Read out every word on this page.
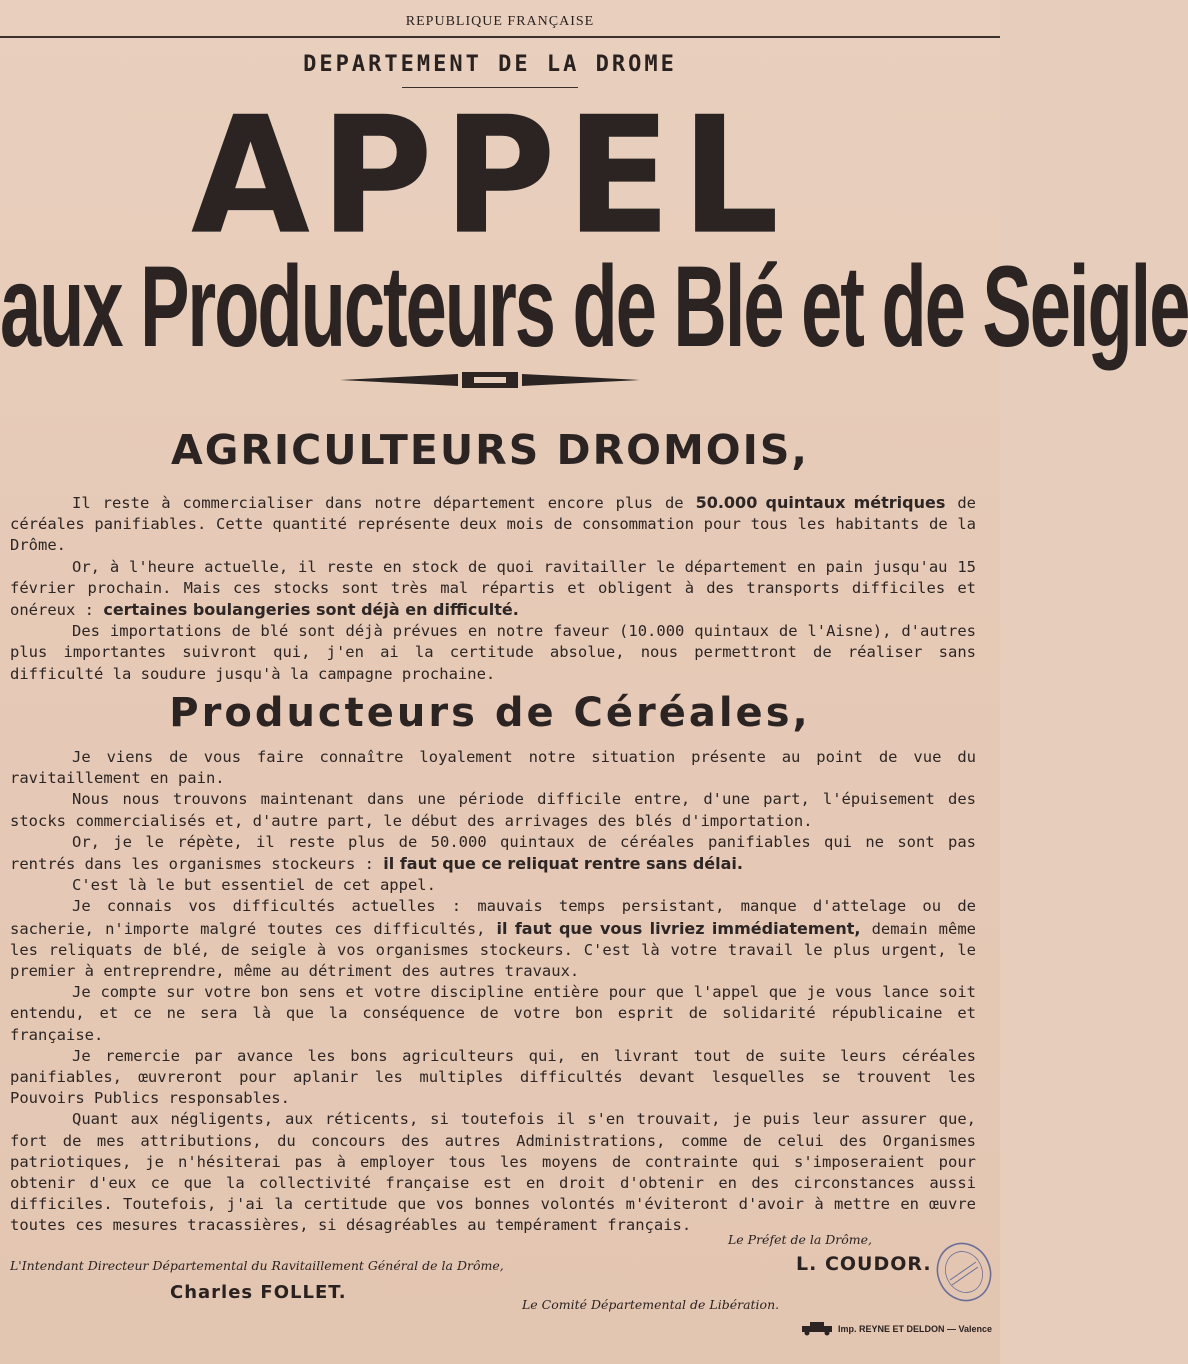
REPUBLIQUE FRANÇAISE
DEPARTEMENT DE LA DROME
APPEL
aux Producteurs de Blé et de Seigle
AGRICULTEURS DROMOIS,

Il reste à commercialiser dans notre département encore plus de 50.000 quintaux métriques de céréales panifiables. Cette quantité représente deux mois de consommation pour tous les habitants de la Drôme.

Or, à l'heure actuelle, il reste en stock de quoi ravitailler le département en pain jusqu'au 15 février prochain. Mais ces stocks sont très mal répartis et obligent à des transports difficiles et onéreux : certaines boulangeries sont déjà en difficulté.

Des importations de blé sont déjà prévues en notre faveur (10.000 quintaux de l'Aisne), d'autres plus importantes suivront qui, j'en ai la certitude absolue, nous permettront de réaliser sans difficulté la soudure jusqu'à la campagne prochaine.

Producteurs de Céréales,

Je viens de vous faire connaître loyalement notre situation présente au point de vue du ravitaillement en pain.

Nous nous trouvons maintenant dans une période difficile entre, d'une part, l'épuisement des stocks commercialisés et, d'autre part, le début des arrivages des blés d'importation.

Or, je le répète, il reste plus de 50.000 quintaux de céréales panifiables qui ne sont pas rentrés dans les organismes stockeurs : il faut que ce reliquat rentre sans délai.

C'est là le but essentiel de cet appel.

Je connais vos difficultés actuelles : mauvais temps persistant, manque d'attelage ou de sacherie, n'importe malgré toutes ces difficultés, il faut que vous livriez immédiatement, demain même les reliquats de blé, de seigle à vos organismes stockeurs. C'est là votre travail le plus urgent, le premier à entreprendre, même au détriment des autres travaux.

Je compte sur votre bon sens et votre discipline entière pour que l'appel que je vous lance soit entendu, et ce ne sera là que la conséquence de votre bon esprit de solidarité républicaine et française.

Je remercie par avance les bons agriculteurs qui, en livrant tout de suite leurs céréales panifiables, œuvreront pour aplanir les multiples difficultés devant lesquelles se trouvent les Pouvoirs Publics responsables.

Quant aux négligents, aux réticents, si toutefois il s'en trouvait, je puis leur assurer que, fort de mes attributions, du concours des autres Administrations, comme de celui des Organismes patriotiques, je n'hésiterai pas à employer tous les moyens de contrainte qui s'imposeraient pour obtenir d'eux ce que la collectivité française est en droit d'obtenir en des circonstances aussi difficiles. Toutefois, j'ai la certitude que vos bonnes volontés m'éviteront d'avoir à mettre en œuvre toutes ces mesures tracassières, si désagréables au tempérament français.

Le Préfet de la Drôme,
L. COUDOR.
L'Intendant Directeur Départemental du Ravitaillement Général de la Drôme,
Charles FOLLET.
Le Comité Départemental de Libération.
Imp. REYNE ET DELDON — Valence
